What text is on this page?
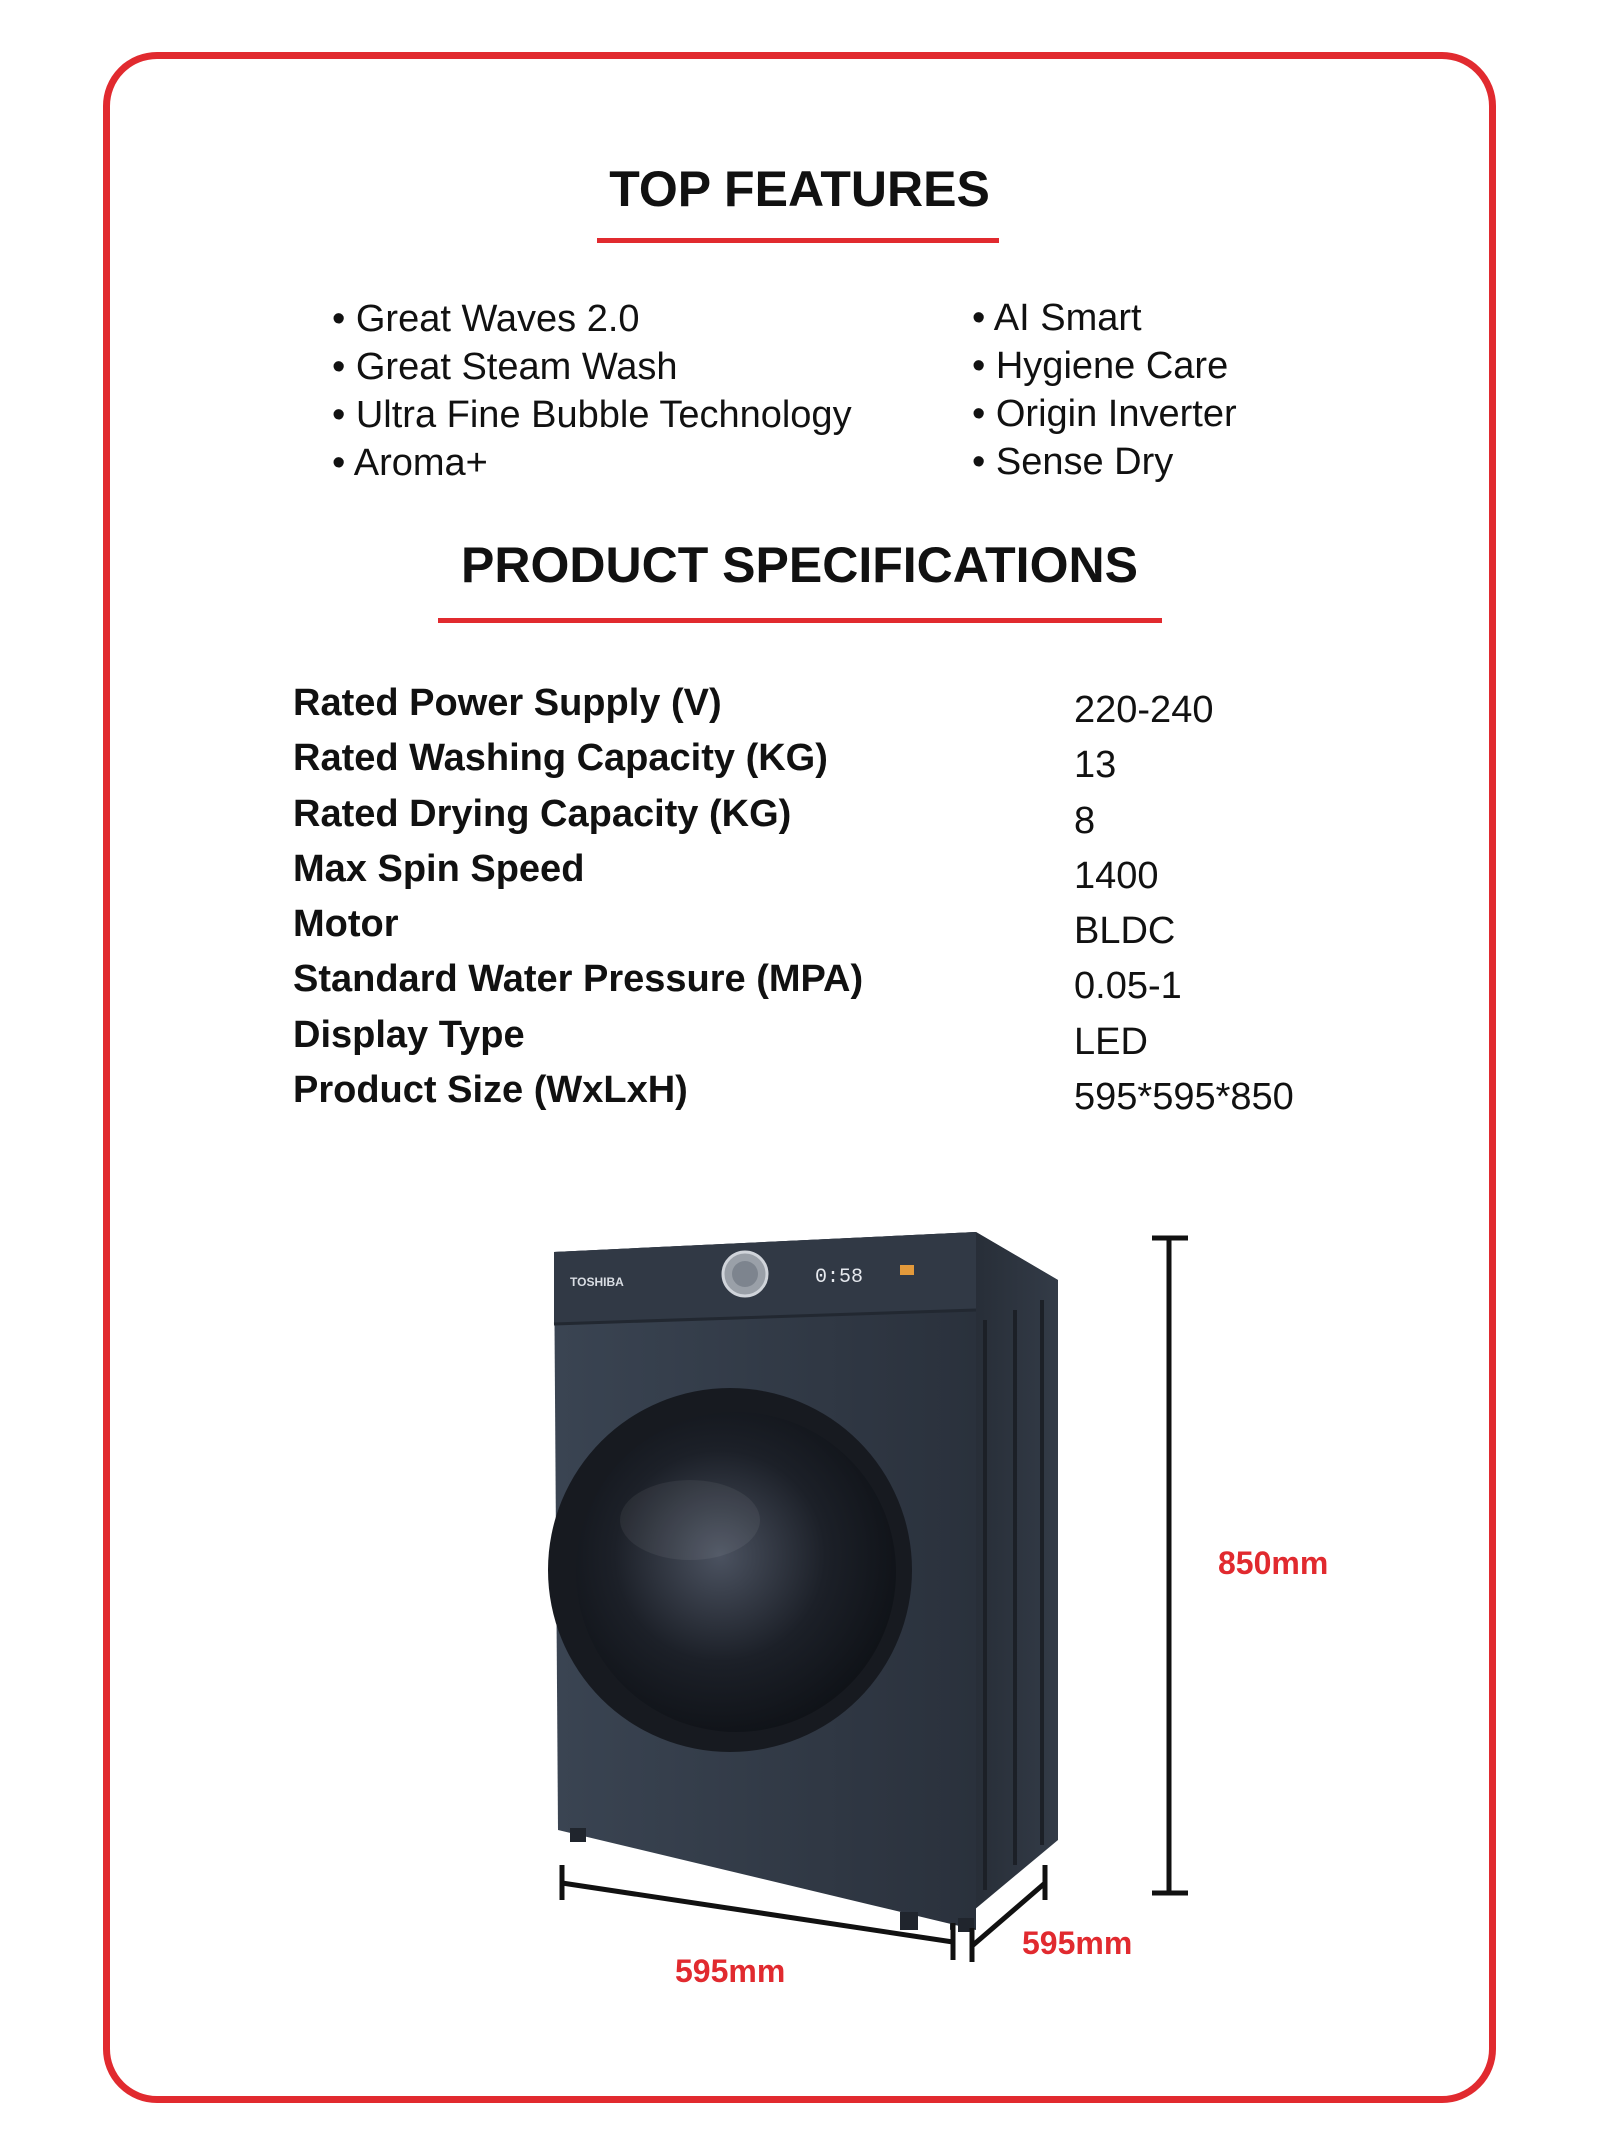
TOP FEATURES
• Great Waves 2.0
• Great Steam Wash
• Ultra Fine Bubble Technology
• Aroma+
• AI Smart
• Hygiene Care
• Origin Inverter
• Sense Dry
PRODUCT SPECIFICATIONS
Rated Power Supply (V)
Rated Washing Capacity (KG)
Rated Drying Capacity (KG)
Max Spin Speed
Motor
Standard Water Pressure (MPA)
Display Type
Product Size (WxLxH)
220-240
13
8
1400
BLDC
0.05-1
LED
595*595*850
TOSHIBA	0:58
850mm
595mm
595mm
